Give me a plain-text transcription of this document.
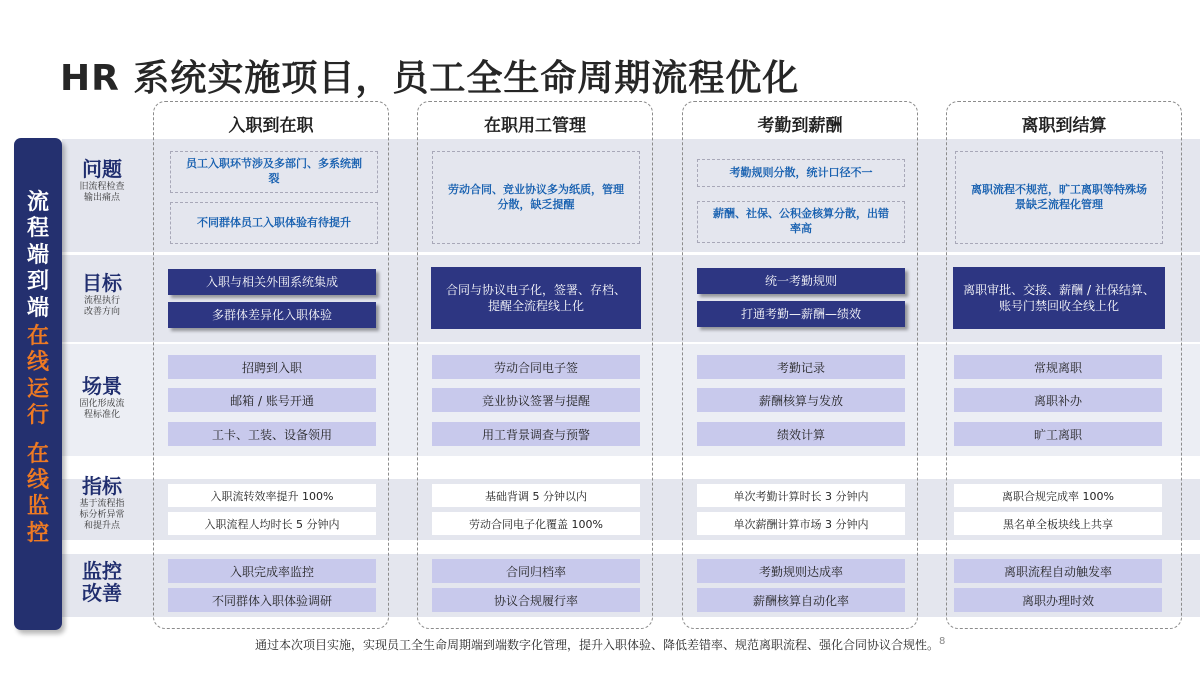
HR 系统实施项目，员工全生命周期流程优化
流
程
端
到
端
在
线
运
行
在
线
监
控
问题
旧流程检查
输出痛点
目标
流程执行
改善方向
场景
固化形成流
程标准化
指标
基于流程指
标分析异常
和提升点
监控
改善
入职到在职
员工入职环节涉及多部门、多系统割裂
不同群体员工入职体验有待提升
入职与相关外围系统集成
多群体差异化入职体验
招聘到入职
邮箱 / 账号开通
工卡、工装、设备领用
入职流转效率提升 100%
入职流程人均时长 5 分钟内
入职完成率监控
不同群体入职体验调研
在职用工管理
劳动合同、竞业协议多为纸质，管理分散，缺乏提醒
合同与协议电子化，签署、存档、提醒全流程线上化
劳动合同电子签
竞业协议签署与提醒
用工背景调查与预警
基础背调 5 分钟以内
劳动合同电子化覆盖 100%
合同归档率
协议合规履行率
考勤到薪酬
考勤规则分散，统计口径不一
薪酬、社保、公积金核算分散，出错率高
统一考勤规则
打通考勤—薪酬—绩效
考勤记录
薪酬核算与发放
绩效计算
单次考勤计算时长 3 分钟内
单次薪酬计算市场 3 分钟内
考勤规则达成率
薪酬核算自动化率
离职到结算
离职流程不规范，旷工离职等特殊场景缺乏流程化管理
离职审批、交接、薪酬 / 社保结算、账号门禁回收全线上化
常规离职
离职补办
旷工离职
离职合规完成率 100%
黑名单全板块线上共享
离职流程自动触发率
离职办理时效
通过本次项目实施，实现员工全生命周期端到端数字化管理，提升入职体验、降低差错率、规范离职流程、强化合同协议合规性。$^8$
